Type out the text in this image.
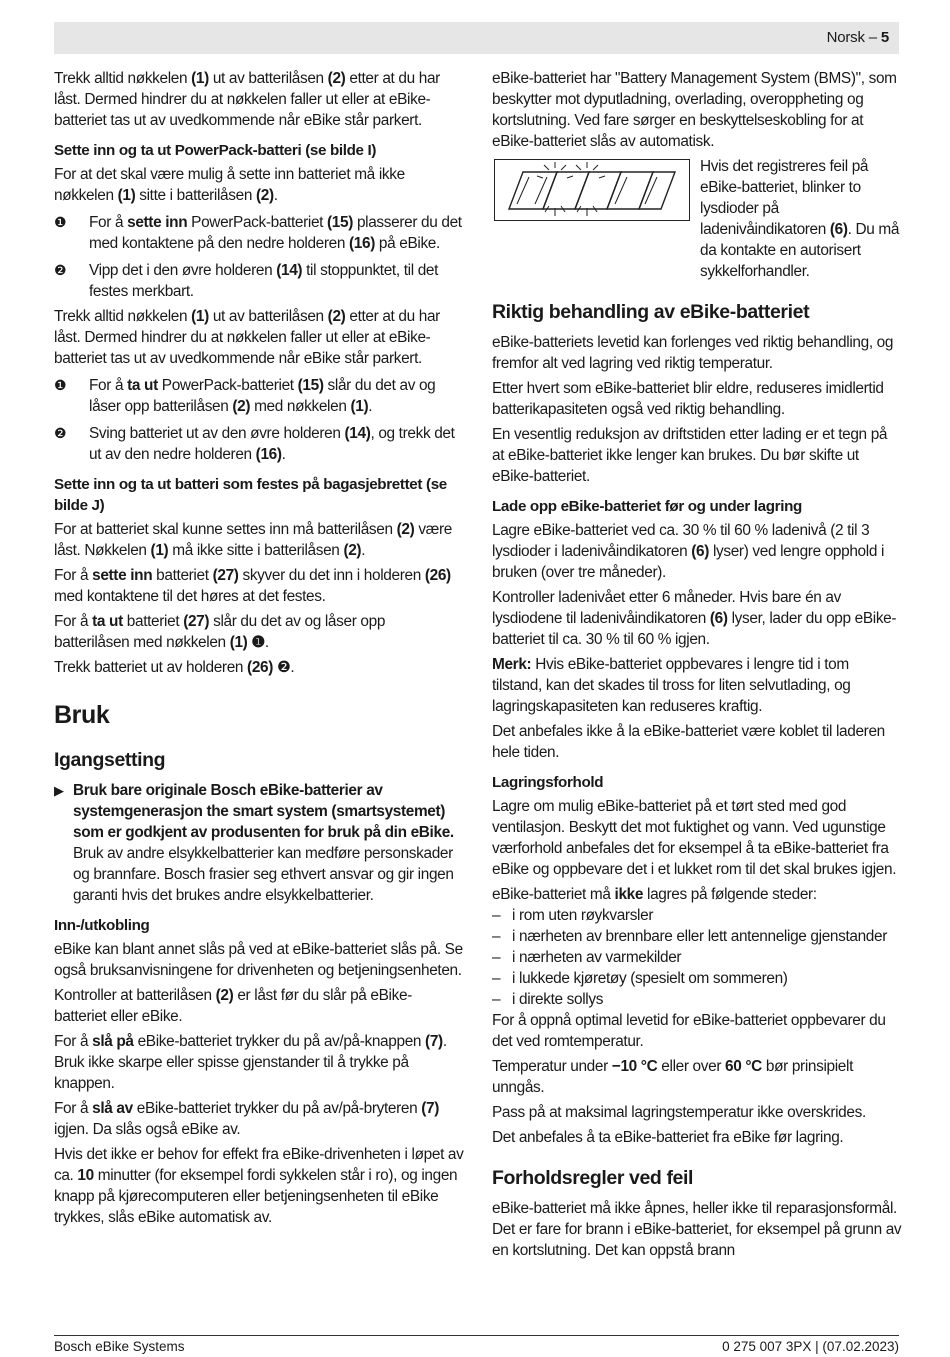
Norsk – 5

Trekk alltid nøkkelen (1) ut av batterilåsen (2) etter at du har låst. Dermed hindrer du at nøkkelen faller ut eller at eBike-batteriet tas ut av uvedkommende når eBike står parkert.

Sette inn og ta ut PowerPack-batteri (se bilde I)

For at det skal være mulig å sette inn batteriet må ikke nøkkelen (1) sitte i batterilåsen (2).

❶	For å sette inn PowerPack-batteriet (15) plasserer du det med kontaktene på den nedre holderen (16) på eBike.
❷	Vipp det i den øvre holderen (14) til stoppunktet, til det festes merkbart.

Trekk alltid nøkkelen (1) ut av batterilåsen (2) etter at du har låst. Dermed hindrer du at nøkkelen faller ut eller at eBike-batteriet tas ut av uvedkommende når eBike står parkert.

❶	For å ta ut PowerPack-batteriet (15) slår du det av og låser opp batterilåsen (2) med nøkkelen (1).
❷	Sving batteriet ut av den øvre holderen (14), og trekk det ut av den nedre holderen (16).
Sette inn og ta ut batteri som festes på bagasjebrettet (se bilde J)

For at batteriet skal kunne settes inn må batterilåsen (2) være låst. Nøkkelen (1) må ikke sitte i batterilåsen (2).

For å sette inn batteriet (27) skyver du det inn i holderen (26) med kontaktene til det høres at det festes.

For å ta ut batteriet (27) slår du det av og låser opp batterilåsen med nøkkelen (1) ❶.

Trekk batteriet ut av holderen (26) ❷.

Bruk
Igangsetting
▶ Bruk bare originale Bosch eBike-batterier av systemgenerasjon the smart system (smartsystemet) som er godkjent av produsenten for bruk på din eBike. Bruk av andre elsykkelbatterier kan medføre personskader og brannfare. Bosch frasier seg ethvert ansvar og gir ingen garanti hvis det brukes andre elsykkelbatterier.
Inn-/utkobling

eBike kan blant annet slås på ved at eBike-batteriet slås på. Se også bruksanvisningene for drivenheten og betjeningsenheten.

Kontroller at batterilåsen (2) er låst før du slår på eBike-batteriet eller eBike.

For å slå på eBike-batteriet trykker du på av/på-knappen (7). Bruk ikke skarpe eller spisse gjenstander til å trykke på knappen.

For å slå av eBike-batteriet trykker du på av/på-bryteren (7) igjen. Da slås også eBike av.

Hvis det ikke er behov for effekt fra eBike-drivenheten i løpet av ca. 10 minutter (for eksempel fordi sykkelen står i ro), og ingen knapp på kjørecomputeren eller betjeningsenheten til eBike trykkes, slås eBike automatisk av.

eBike-batteriet har "Battery Management System (BMS)", som beskytter mot dyputladning, overlading, overoppheting og kortslutning. Ved fare sørger en beskyttelseskobling for at eBike-batteriet slås av automatisk.

Hvis det registreres feil på eBike-batteriet, blinker to lysdioder på ladenivåindikatoren (6). Du må da kontakte en autorisert sykkelforhandler.
Riktig behandling av eBike-batteriet

eBike-batteriets levetid kan forlenges ved riktig behandling, og fremfor alt ved lagring ved riktig temperatur.

Etter hvert som eBike-batteriet blir eldre, reduseres imidlertid batterikapasiteten også ved riktig behandling.

En vesentlig reduksjon av driftstiden etter lading er et tegn på at eBike-batteriet ikke lenger kan brukes. Du bør skifte ut eBike-batteriet.

Lade opp eBike-batteriet før og under lagring

Lagre eBike-batteriet ved ca. 30 % til 60 % ladenivå (2 til 3 lysdioder i ladenivåindikatoren (6) lyser) ved lengre opphold i bruken (over tre måneder).

Kontroller ladenivået etter 6 måneder. Hvis bare én av lysdiodene til ladenivåindikatoren (6) lyser, lader du opp eBike-batteriet til ca. 30 % til 60 % igjen.

Merk: Hvis eBike-batteriet oppbevares i lengre tid i tom tilstand, kan det skades til tross for liten selvutlading, og lagringskapasiteten kan reduseres kraftig.

Det anbefales ikke å la eBike-batteriet være koblet til laderen hele tiden.

Lagringsforhold

Lagre om mulig eBike-batteriet på et tørt sted med god ventilasjon. Beskytt det mot fuktighet og vann. Ved ugunstige værforhold anbefales det for eksempel å ta eBike-batteriet fra eBike og oppbevare det i et lukket rom til det skal brukes igjen.

eBike-batteriet må ikke lagres på følgende steder:

– i rom uten røykvarsler
– i nærheten av brennbare eller lett antennelige gjenstander
– i nærheten av varmekilder
– i lukkede kjøretøy (spesielt om sommeren)
– i direkte sollys

For å oppnå optimal levetid for eBike-batteriet oppbevarer du det ved romtemperatur.

Temperatur under −10 °C eller over 60 °C bør prinsipielt unngås.

Pass på at maksimal lagringstemperatur ikke overskrides.

Det anbefales å ta eBike-batteriet fra eBike før lagring.

Forholdsregler ved feil

eBike-batteriet må ikke åpnes, heller ikke til reparasjonsformål. Det er fare for brann i eBike-batteriet, for eksempel på grunn av en kortslutning. Det kan oppstå brann

Bosch eBike Systems	0 275 007 3PX | (07.02.2023)
